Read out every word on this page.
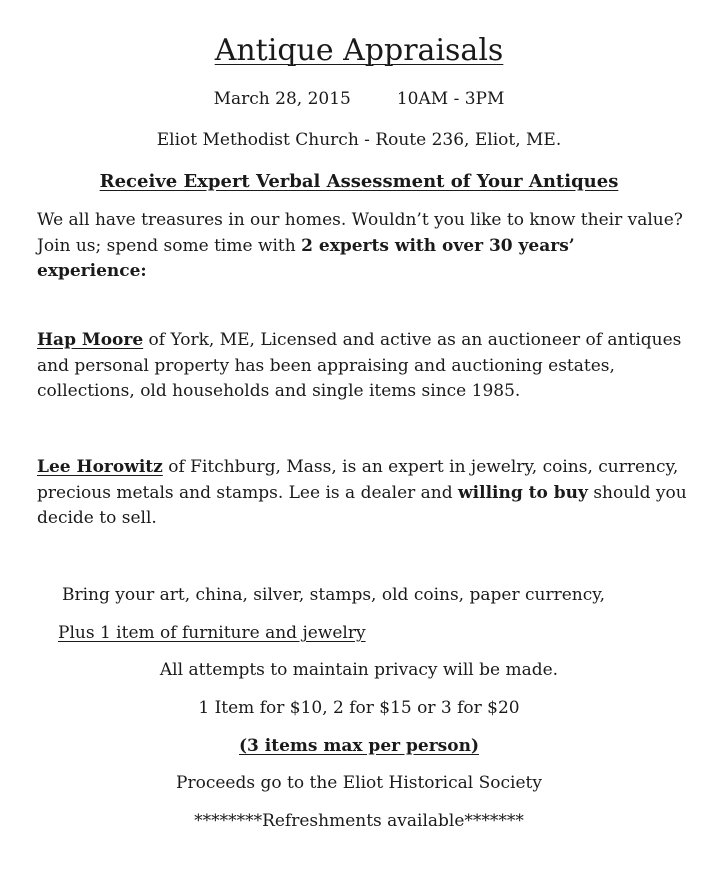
Antique Appraisals
March 28, 2015	10AM - 3PM
Eliot Methodist Church - Route 236, Eliot, ME.
Receive Expert Verbal Assessment of Your Antiques
We all have treasures in our homes. Wouldn’t you like to know their value? Join us; spend some time with 2 experts with over 30 years’ experience:
Hap Moore of York, ME, Licensed and active as an auctioneer of antiques and personal property has been appraising and auctioning estates, collections, old households and single items since 1985.
Lee Horowitz of Fitchburg, Mass, is an expert in jewelry, coins, currency, precious metals and stamps. Lee is a dealer and willing to buy should you decide to sell.
Bring your art, china, silver, stamps, old coins, paper currency,
Plus 1 item of furniture and jewelry
All attempts to maintain privacy will be made.
1 Item for $10, 2 for $15 or 3 for $20
(3 items max per person)
Proceeds go to the Eliot Historical Society
********Refreshments available*******
